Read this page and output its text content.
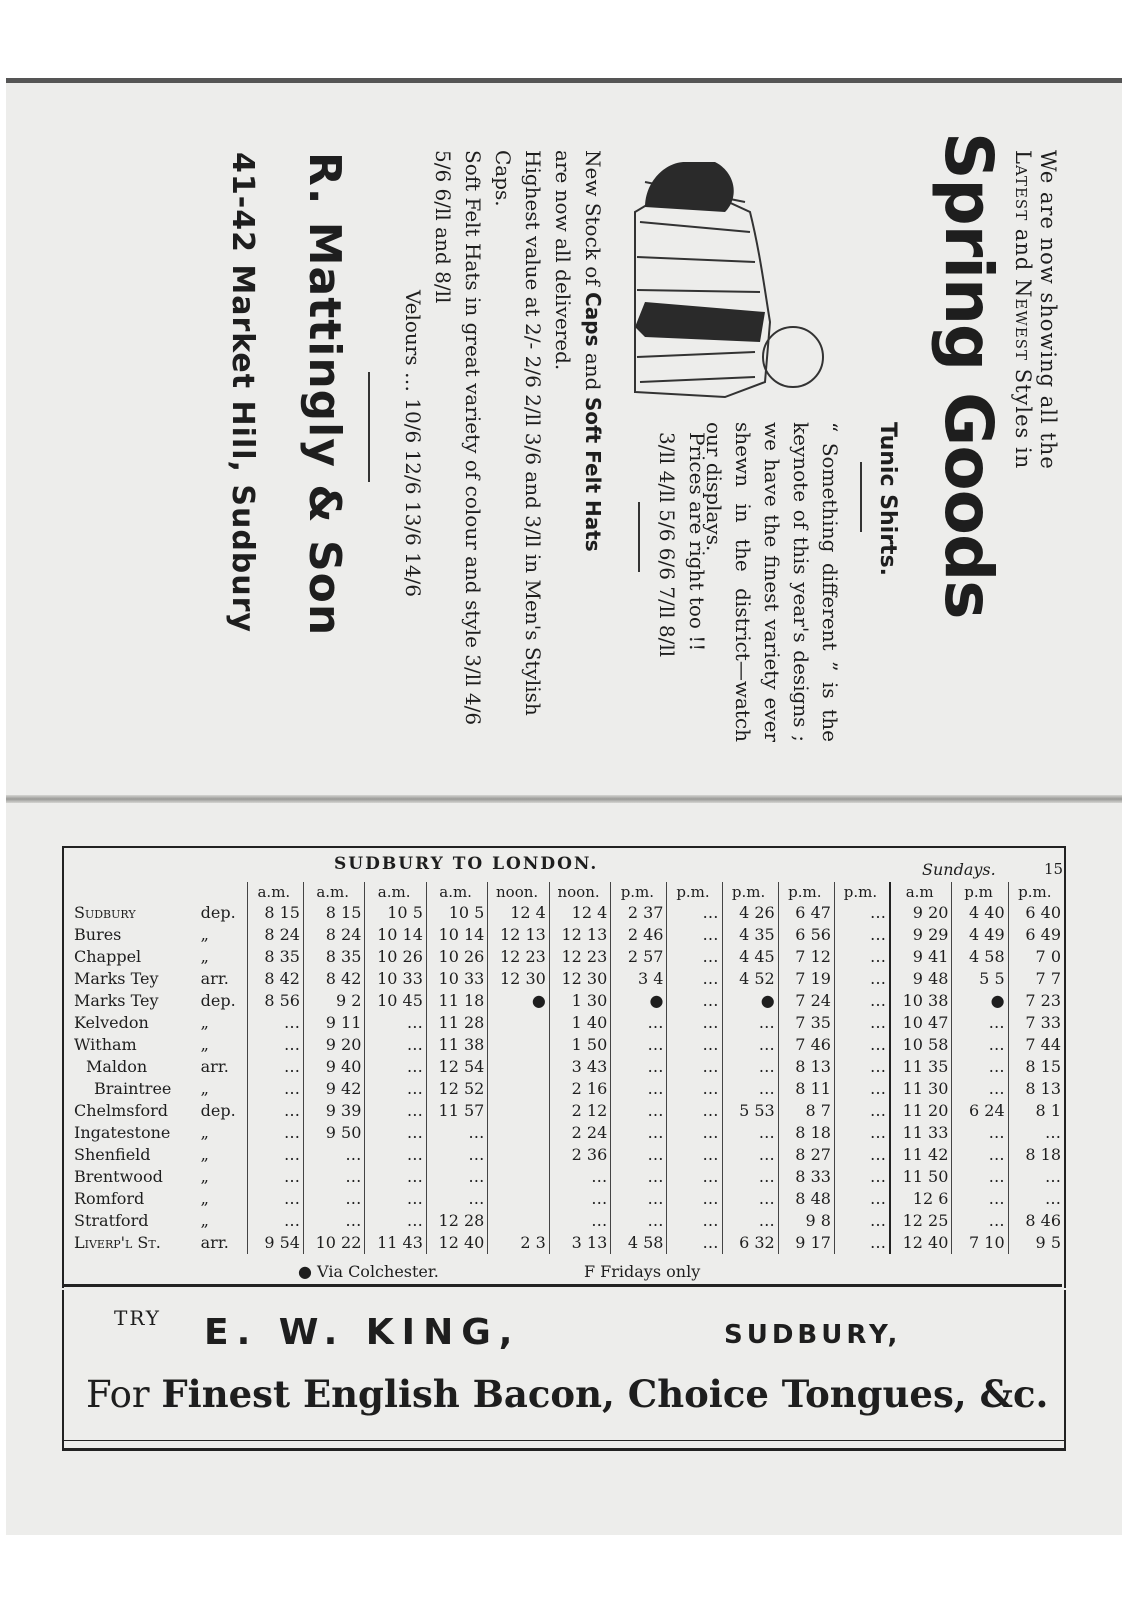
We are now showing all the
Latest and Newest Styles in
Spring Goods
Tunic Shirts.
“ Something different ” is the keynote of this year's designs ; we have the finest variety ever shewn in the district—watch our displays.
Prices are right too !!
3/ll 4/ll 5/6 6/6 7/ll 8/ll
New Stock of Caps and Soft Felt Hats
are now all delivered.
Highest value at 2/- 2/6 2/ll 3/6 and 3/ll in Men's Stylish Caps.
Soft Felt Hats in great variety of colour and style 3/ll 4/6 5/6 6/ll and 8/ll
Velours … 10/6 12/6 13/6 14/6
R. Mattingly & Son
41-42 Market Hill, Sudbury
SUDBURY TO LONDON.	Sundays.	15
		a.m.	a.m.	a.m.	a.m.	noon.	noon.	p.m.	p.m.	p.m.	p.m.	p.m.	a.m	p.m	p.m.
Sudbury	dep.	8 15	8 15	10 5	10 5	12 4	12 4	2 37	…	4 26	6 47	…	9 20	4 40	6 40
Bures	„	8 24	8 24	10 14	10 14	12 13	12 13	2 46	…	4 35	6 56	…	9 29	4 49	6 49
Chappel	„	8 35	8 35	10 26	10 26	12 23	12 23	2 57	…	4 45	7 12	…	9 41	4 58	7 0
Marks Tey	arr.	8 42	8 42	10 33	10 33	12 30	12 30	3 4	…	4 52	7 19	…	9 48	5 5	7 7
Marks Tey	dep.	8 56	9 2	10 45	11 18	●	1 30	●	…	●	7 24	…	10 38	●	7 23
Kelvedon	„	…	9 11	…	11 28		1 40	…	…	…	7 35	…	10 47	…	7 33
Witham	„	…	9 20	…	11 38		1 50	…	…	…	7 46	…	10 58	…	7 44
Maldon	arr.	…	9 40	…	12 54		3 43	…	…	…	8 13	…	11 35	…	8 15
Braintree	„	…	9 42	…	12 52		2 16	…	…	…	8 11	…	11 30	…	8 13
Chelmsford	dep.	…	9 39	…	11 57		2 12	…	…	5 53	8 7	…	11 20	6 24	8 1
Ingatestone	„	…	9 50	…	…		2 24	…	…	…	8 18	…	11 33	…	…
Shenfield	„	…	…	…	…		2 36	…	…	…	8 27	…	11 42	…	8 18
Brentwood	„	…	…	…	…		…	…	…	…	8 33	…	11 50	…	…
Romford	„	…	…	…	…		…	…	…	…	8 48	…	12 6	…	…
Stratford	„	…	…	…	12 28		…	…	…	…	9 8	…	12 25	…	8 46
Liverp'l St.	arr.	9 54	10 22	11 43	12 40	2 3	3 13	4 58	…	6 32	9 17	…	12 40	7 10	9 5
● Via Colchester.	F Fridays only
TRY E. W. KING,	SUDBURY,
For Finest English Bacon, Choice Tongues, &c.
